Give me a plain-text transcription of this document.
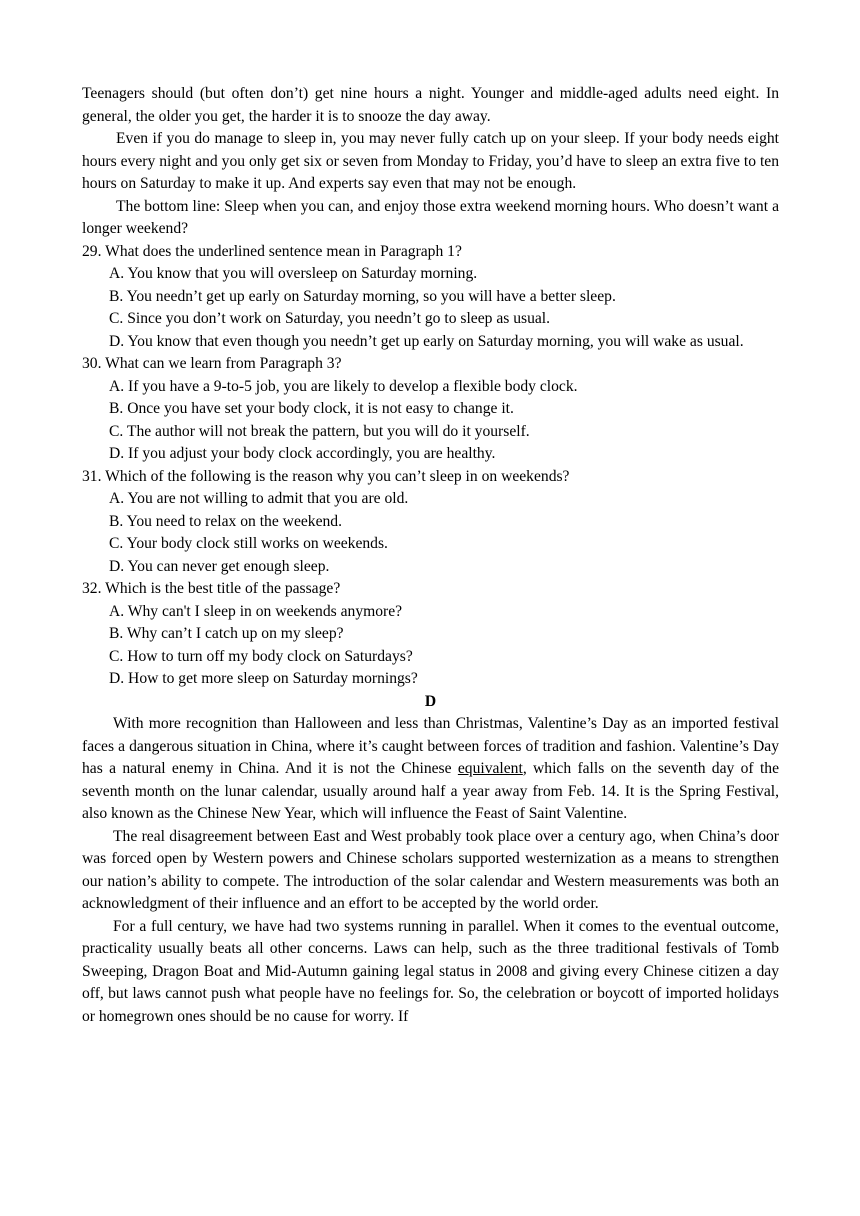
Teenagers should (but often don’t) get nine hours a night. Younger and middle-aged adults need eight. In general, the older you get, the harder it is to snooze the day away.

Even if you do manage to sleep in, you may never fully catch up on your sleep. If your body needs eight hours every night and you only get six or seven from Monday to Friday, you’d have to sleep an extra five to ten hours on Saturday to make it up. And experts say even that may not be enough.

The bottom line: Sleep when you can, and enjoy those extra weekend morning hours. Who doesn’t want a longer weekend?

29. What does the underlined sentence mean in Paragraph 1?

A. You know that you will oversleep on Saturday morning.

B. You needn’t get up early on Saturday morning, so you will have a better sleep.

C. Since you don’t work on Saturday, you needn’t go to sleep as usual.

D. You know that even though you needn’t get up early on Saturday morning, you will wake as usual.

30. What can we learn from Paragraph 3?

A. If you have a 9-to-5 job, you are likely to develop a flexible body clock.

B. Once you have set your body clock, it is not easy to change it.

C. The author will not break the pattern, but you will do it yourself.

D. If you adjust your body clock accordingly, you are healthy.

31. Which of the following is the reason why you can’t sleep in on weekends?

A. You are not willing to admit that you are old.

B. You need to relax on the weekend.

C. Your body clock still works on weekends.

D. You can never get enough sleep.

32. Which is the best title of the passage?

A. Why can't I sleep in on weekends anymore?

B. Why can’t I catch up on my sleep?

C. How to turn off my body clock on Saturdays?

D. How to get more sleep on Saturday mornings?

D

With more recognition than Halloween and less than Christmas, Valentine’s Day as an imported festival faces a dangerous situation in China, where it’s caught between forces of tradition and fashion. Valentine’s Day has a natural enemy in China. And it is not the Chinese equivalent, which falls on the seventh day of the seventh month on the lunar calendar, usually around half a year away from Feb. 14. It is the Spring Festival, also known as the Chinese New Year, which will influence the Feast of Saint Valentine.

The real disagreement between East and West probably took place over a century ago, when China’s door was forced open by Western powers and Chinese scholars supported westernization as a means to strengthen our nation’s ability to compete. The introduction of the solar calendar and Western measurements was both an acknowledgment of their influence and an effort to be accepted by the world order.

For a full century, we have had two systems running in parallel. When it comes to the eventual outcome, practicality usually beats all other concerns. Laws can help, such as the three traditional festivals of Tomb Sweeping, Dragon Boat and Mid-Autumn gaining legal status in 2008 and giving every Chinese citizen a day off, but laws cannot push what people have no feelings for. So, the celebration or boycott of imported holidays or homegrown ones should be no cause for worry. If
